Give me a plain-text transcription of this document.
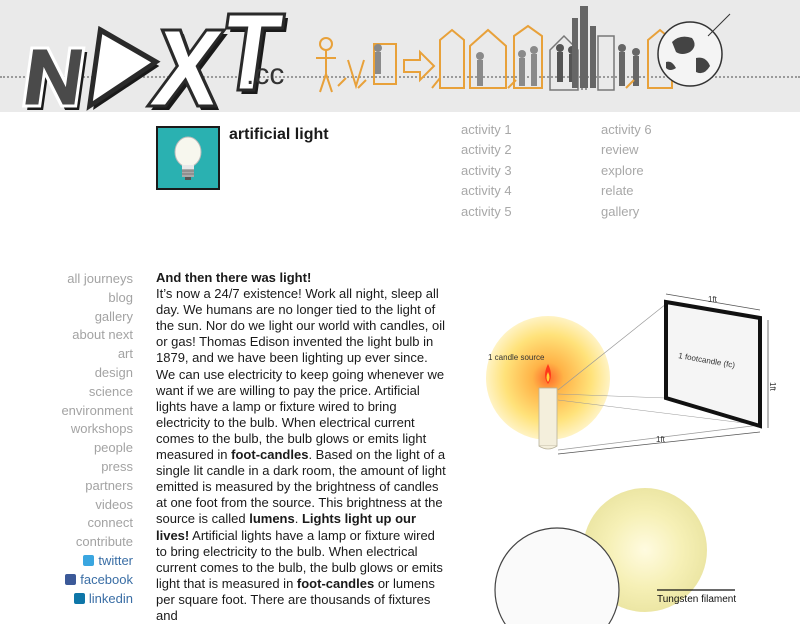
.cc
artificial light	activity 1
activity 2
activity 3
activity 4
activity 5
activity 6
review
explore
relate
gallery
all journeys
blog
gallery
about next
art
design
science
environment
workshops
people
press
partners
videos
connect
contribute
twitter
facebook
linkedin

And then there was light!

It’s now a 24/7 existence! Work all night, sleep all day. We humans are no longer tied to the light of the sun. Nor do we light our world with candles, oil or gas! Thomas Edison invented the light bulb in 1879, and we have been lighting up ever since. We can use electricity to keep going whenever we want if we are willing to pay the price. Artificial lights have a lamp or fixture wired to bring electricity to the bulb. When electrical current comes to the bulb, the bulb glows or emits light measured in foot-candles. Based on the light of a single lit candle in a dark room, the amount of light emitted is measured by the brightness of candles at one foot from the source. This brightness at the source is called lumens. Lights light up our lives! Artificial lights have a lamp or fixture wired to bring electricity to the bulb. When electrical current comes to the bulb, the bulb glows or emits light that is measured in foot-candles or lumens per square foot. There are thousands of fixtures and

1 candle source	1 footcandle (fc)
1ft
1ft
1ft
Tungsten filament
